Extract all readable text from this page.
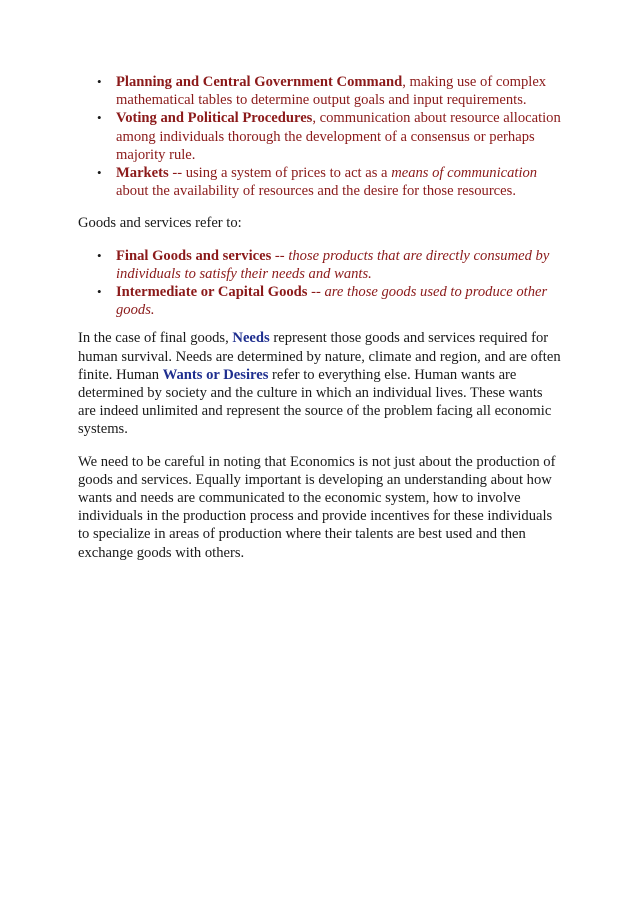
• Planning and Central Government Command, making use of complex mathematical tables to determine output goals and input requirements.
• Voting and Political Procedures, communication about resource allocation among individuals thorough the development of a consensus or perhaps majority rule.
• Markets -- using a system of prices to act as a means of communication about the availability of resources and the desire for those resources.

Goods and services refer to:

• Final Goods and services -- those products that are directly consumed by individuals to satisfy their needs and wants.
• Intermediate or Capital Goods -- are those goods used to produce other goods.

In the case of final goods, Needs represent those goods and services required for human survival. Needs are determined by nature, climate and region, and are often finite. Human Wants or Desires refer to everything else. Human wants are determined by society and the culture in which an individual lives. These wants are indeed unlimited and represent the source of the problem facing all economic systems.

We need to be careful in noting that Economics is not just about the production of goods and services. Equally important is developing an understanding about how wants and needs are communicated to the economic system, how to involve individuals in the production process and provide incentives for these individuals to specialize in areas of production where their talents are best used and then exchange goods with others.
